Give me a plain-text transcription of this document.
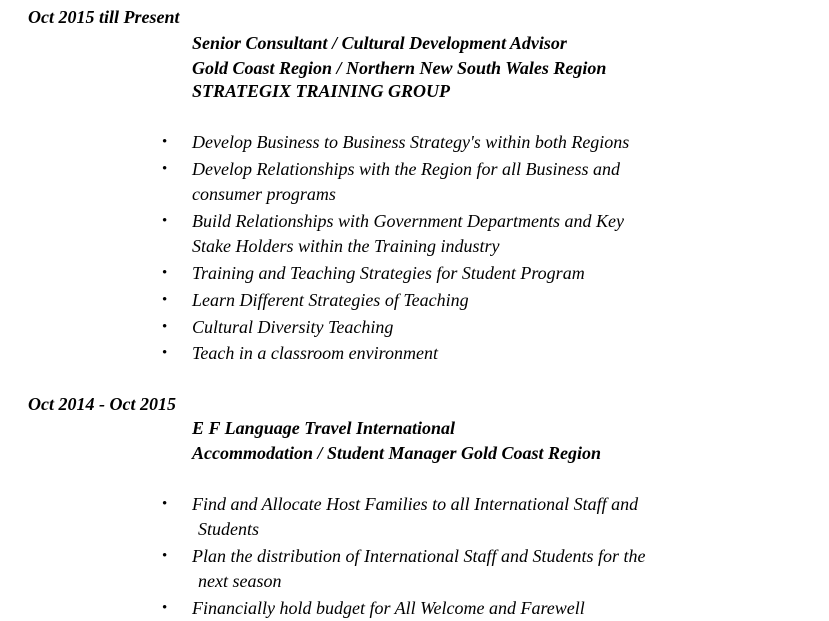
Oct 2015 till Present
Senior Consultant / Cultural Development Advisor
Gold Coast Region / Northern New South Wales Region
STRATEGIX TRAINING GROUP
•	Develop Business to Business Strategy's within both Regions
•	Develop Relationships with the Region for all Business and
consumer programs
•	Build Relationships with Government Departments and Key
Stake Holders within the Training industry
•	Training and Teaching Strategies for Student Program
•	Learn Different Strategies of Teaching
•	Cultural Diversity Teaching
•	Teach in a classroom environment
Oct 2014 - Oct 2015
E F Language Travel International
Accommodation / Student Manager Gold Coast Region
•	Find and Allocate Host Families to all International Staff and
Students
•	Plan the distribution of International Staff and Students for the
next season
•	Financially hold budget for All Welcome and Farewell
